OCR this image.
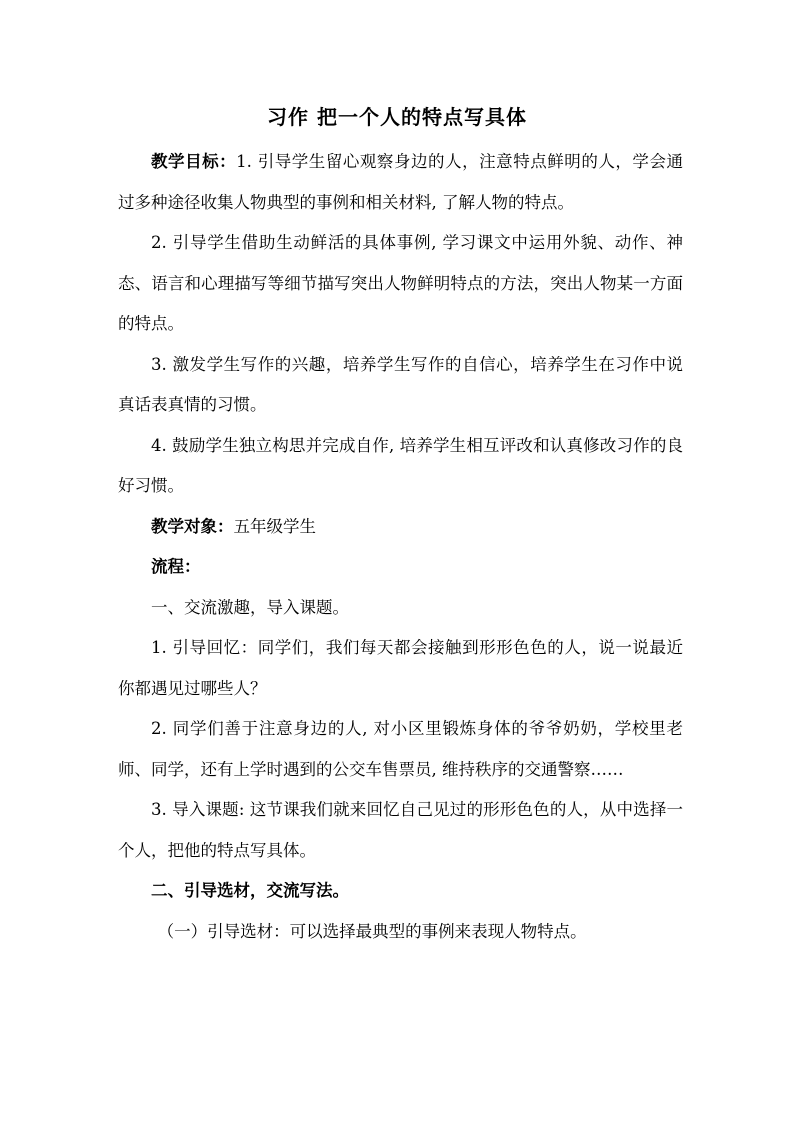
习作 把一个人的特点写具体

教学目标：1. 引导学生留心观察身边的人，注意特点鲜明的人，学会通过多种途径收集人物典型的事例和相关材料, 了解人物的特点。

2. 引导学生借助生动鲜活的具体事例, 学习课文中运用外貌、动作、神态、语言和心理描写等细节描写突出人物鲜明特点的方法，突出人物某一方面的特点。

3. 激发学生写作的兴趣，培养学生写作的自信心，培养学生在习作中说真话表真情的习惯。

4. 鼓励学生独立构思并完成自作, 培养学生相互评改和认真修改习作的良好习惯。

教学对象：五年级学生

流程：

一、交流激趣，导入课题。

1. 引导回忆：同学们，我们每天都会接触到形形色色的人，说一说最近你都遇见过哪些人？

2. 同学们善于注意身边的人, 对小区里锻炼身体的爷爷奶奶，学校里老师、同学，还有上学时遇到的公交车售票员, 维持秩序的交通警察……

3. 导入课题: 这节课我们就来回忆自己见过的形形色色的人，从中选择一个人，把他的特点写具体。

二、引导选材，交流写法。

（一）引导选材：可以选择最典型的事例来表现人物特点。
